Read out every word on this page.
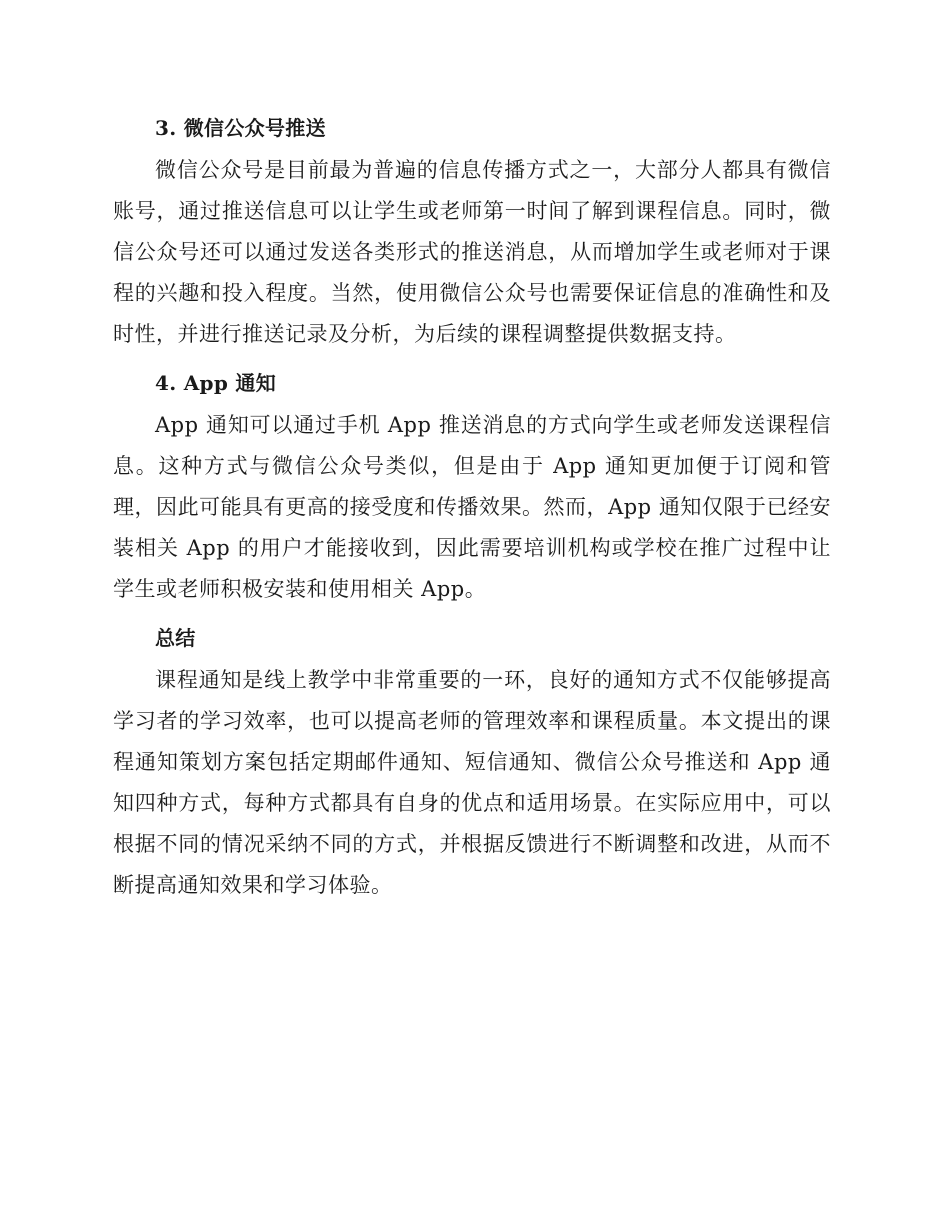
3. 微信公众号推送

微信公众号是目前最为普遍的信息传播方式之一，大部分人都具有微信账号，通过推送信息可以让学生或老师第一时间了解到课程信息。同时，微信公众号还可以通过发送各类形式的推送消息，从而增加学生或老师对于课程的兴趣和投入程度。当然，使用微信公众号也需要保证信息的准确性和及时性，并进行推送记录及分析，为后续的课程调整提供数据支持。

4. App 通知

App 通知可以通过手机 App 推送消息的方式向学生或老师发送课程信息。这种方式与微信公众号类似，但是由于 App 通知更加便于订阅和管理，因此可能具有更高的接受度和传播效果。然而，App 通知仅限于已经安装相关 App 的用户才能接收到，因此需要培训机构或学校在推广过程中让学生或老师积极安装和使用相关 App。

总结

课程通知是线上教学中非常重要的一环，良好的通知方式不仅能够提高学习者的学习效率，也可以提高老师的管理效率和课程质量。本文提出的课程通知策划方案包括定期邮件通知、短信通知、微信公众号推送和 App 通知四种方式，每种方式都具有自身的优点和适用场景。在实际应用中，可以根据不同的情况采纳不同的方式，并根据反馈进行不断调整和改进，从而不断提高通知效果和学习体验。
